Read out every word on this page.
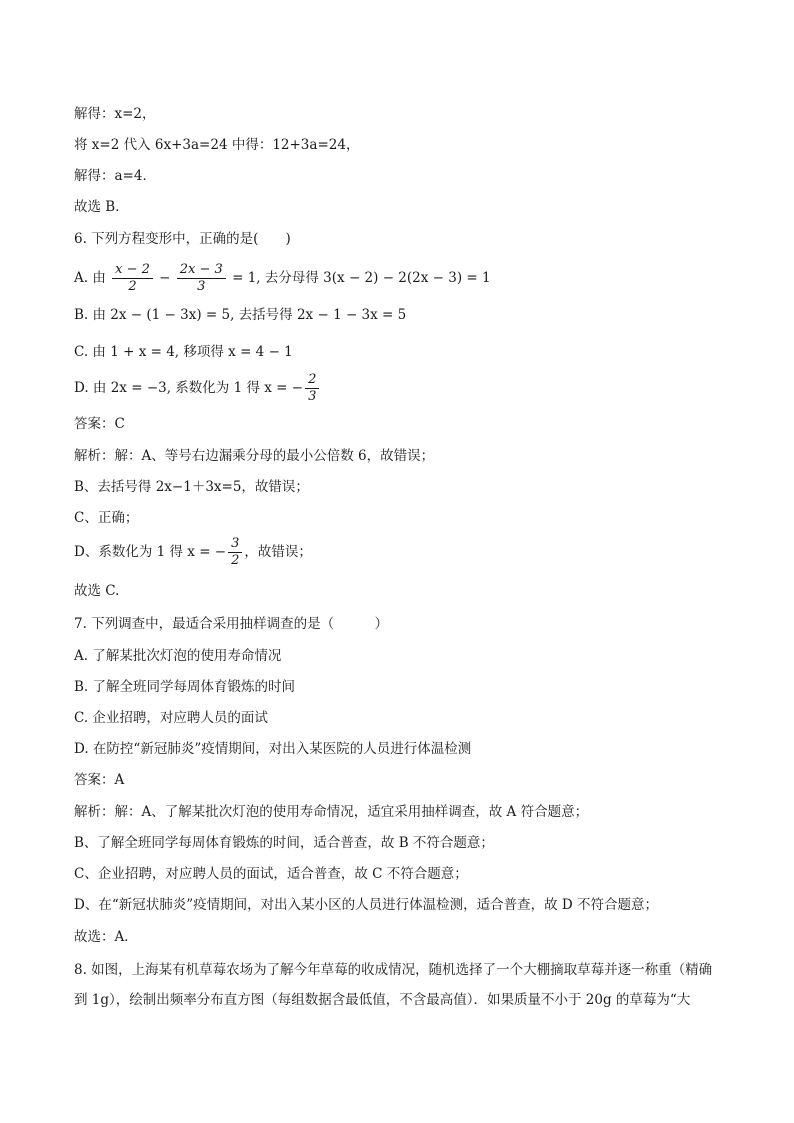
解得：x=2，
将 x=2 代入 6x+3a=24 中得：12+3a=24，
解得：a=4．
故选 B．
6. 下列方程变形中，正确的是(　　)
A. 由 $\frac{x - 2}{2} - \frac{2x - 3}{3} = 1$, 去分母得 3(x − 2) − 2(2x − 3) = 1
B. 由 2x − (1 − 3x) = 5, 去括号得 2x − 1 − 3x = 5
C. 由 1 + x = 4, 移项得 x = 4 − 1
D. 由 2x = −3, 系数化为 1 得 x = − $\frac{2}{3}$
答案：C
解析：解：A、等号右边漏乘分母的最小公倍数 6，故错误；
B、去括号得 2x−1＋3x=5，故错误；
C、正确；
D、系数化为 1 得 x = − $\frac{3}{2}$ ，故错误；
故选 C.
7. 下列调查中，最适合采用抽样调查的是（　　　）
A. 了解某批次灯泡的使用寿命情况
B. 了解全班同学每周体育锻炼的时间
C. 企业招聘，对应聘人员的面试
D. 在防控“新冠肺炎”疫情期间，对出入某医院的人员进行体温检测
答案：A
解析：解：A、了解某批次灯泡的使用寿命情况，适宜采用抽样调查，故 A 符合题意；
B、了解全班同学每周体育锻炼的时间，适合普查，故 B 不符合题意；
C、企业招聘，对应聘人员的面试，适合普查，故 C 不符合题意；
D、在“新冠状肺炎”疫情期间，对出入某小区的人员进行体温检测，适合普查，故 D 不符合题意；
故选：A．
8. 如图，上海某有机草莓农场为了解今年草莓的收成情况，随机选择了一个大棚摘取草莓并逐一称重（精确到 1g），绘制出频率分布直方图（每组数据含最低值，不含最高值）．如果质量不小于 20g 的草莓为“大
